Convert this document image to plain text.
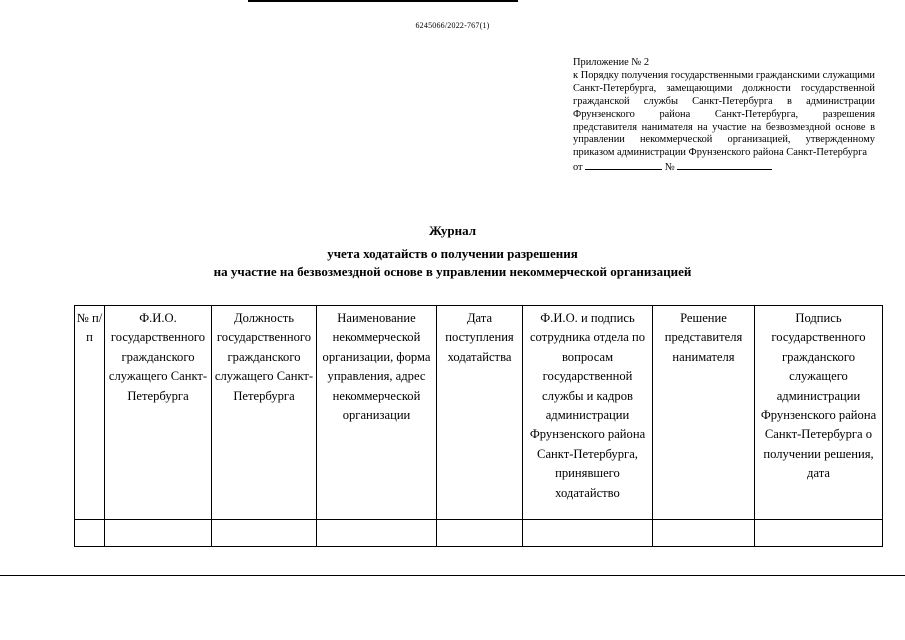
6245066/2022-767(1)
Приложение № 2
к Порядку получения государственными гражданскими служащими Санкт-Петербурга, замещающими должности государственной гражданской службы Санкт-Петербурга в администрации Фрунзенского района Санкт-Петербурга, разрешения представителя нанимателя на участие на безвозмездной основе в управлении некоммерческой организацией, утвержденному приказом администрации Фрунзенского района Санкт-Петербурга
от	№
Журнал
учета ходатайств о получении разрешения
на участие на безвозмездной основе в управлении некоммерческой организацией
№ п/п	Ф.И.О. государственного гражданского служащего Санкт-Петербурга	Должность государственного гражданского служащего Санкт-Петербурга	Наименование некоммерческой организации, форма управления, адрес некоммерческой организации	Дата поступления ходатайства	Ф.И.О. и подпись сотрудника отдела по вопросам государственной службы и кадров администрации Фрунзенского района Санкт-Петербурга, принявшего ходатайство	Решение представителя нанимателя	Подпись государственного гражданского служащего администрации Фрунзенского района Санкт-Петербурга о получении решения, дата
